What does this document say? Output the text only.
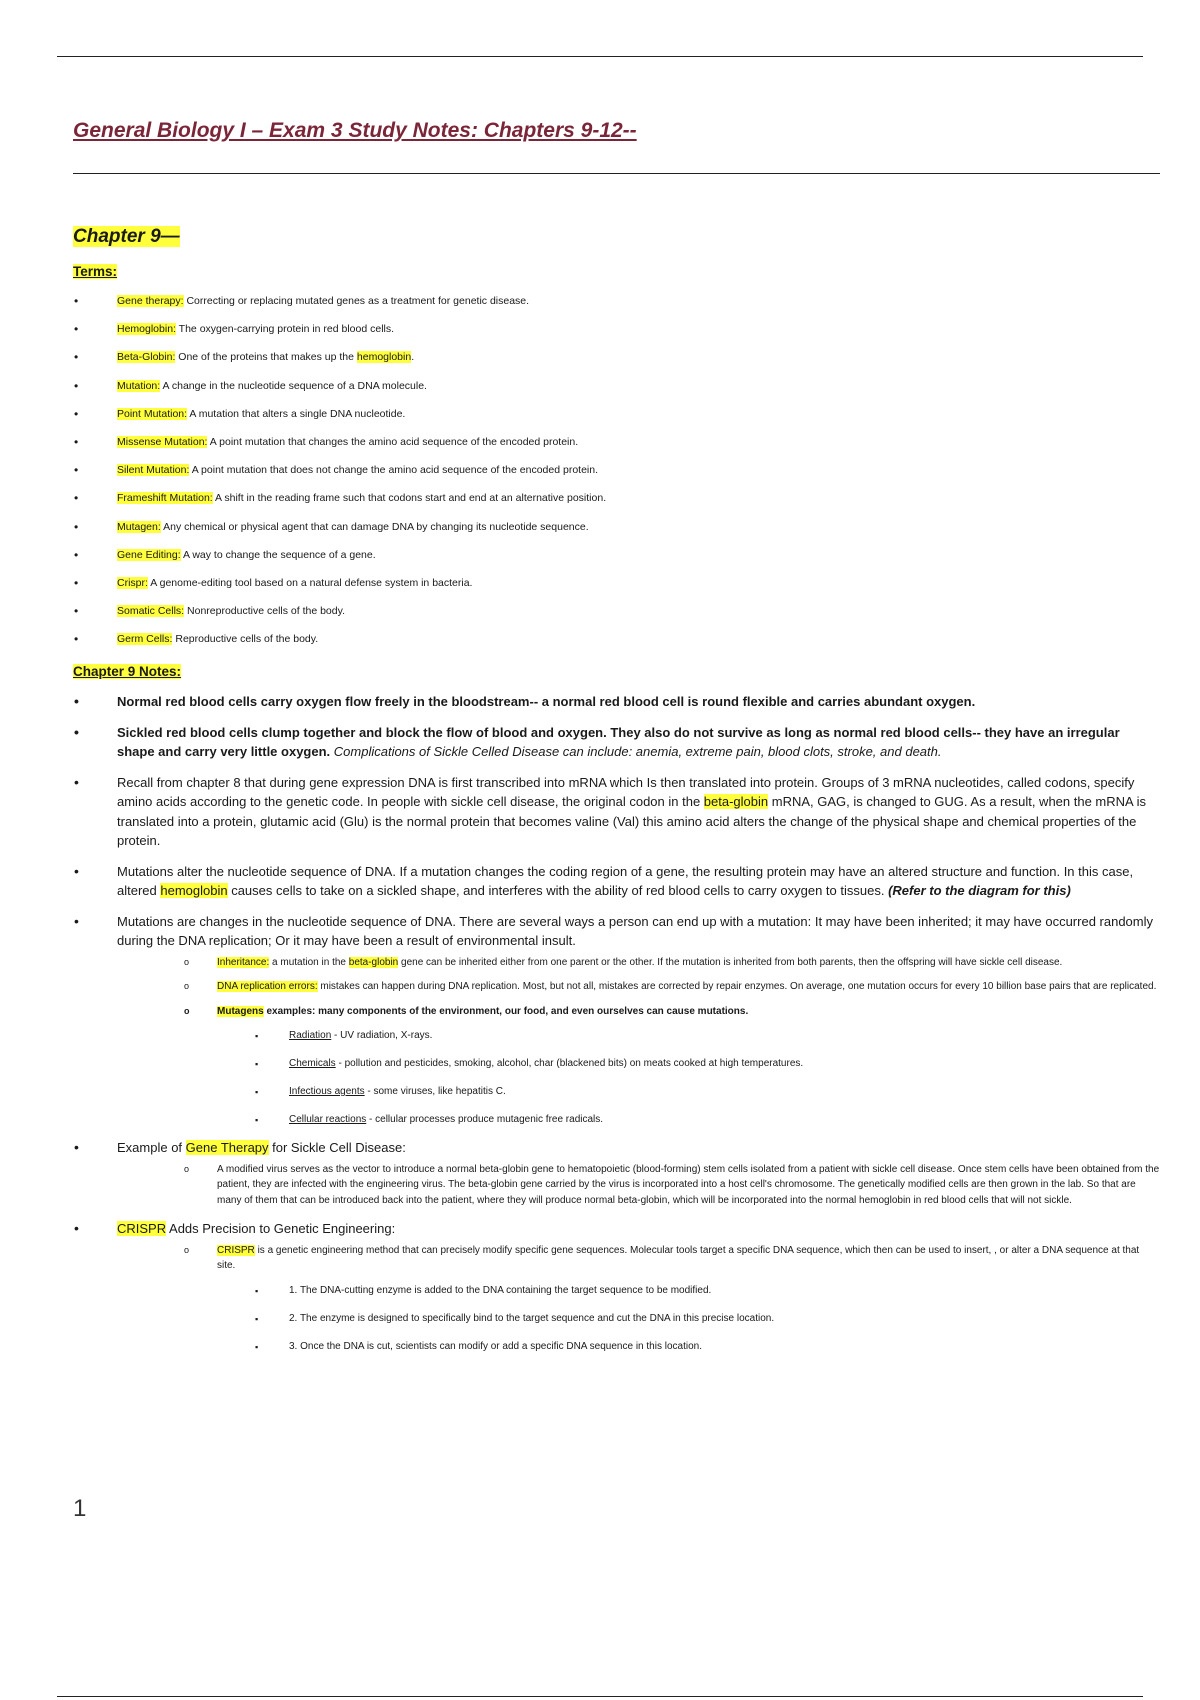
General Biology I – Exam 3 Study Notes: Chapters 9-12--
Chapter 9—

Terms:

• Gene therapy: Correcting or replacing mutated genes as a treatment for genetic disease.
• Hemoglobin: The oxygen-carrying protein in red blood cells.
• Beta-Globin: One of the proteins that makes up the hemoglobin.
• Mutation: A change in the nucleotide sequence of a DNA molecule.
• Point Mutation: A mutation that alters a single DNA nucleotide.
• Missense Mutation: A point mutation that changes the amino acid sequence of the encoded protein.
• Silent Mutation: A point mutation that does not change the amino acid sequence of the encoded protein.
• Frameshift Mutation: A shift in the reading frame such that codons start and end at an alternative position.
• Mutagen: Any chemical or physical agent that can damage DNA by changing its nucleotide sequence.
• Gene Editing: A way to change the sequence of a gene.
• Crispr: A genome-editing tool based on a natural defense system in bacteria.
• Somatic Cells: Nonreproductive cells of the body.
• Germ Cells: Reproductive cells of the body.

Chapter 9 Notes:

• Normal red blood cells carry oxygen flow freely in the bloodstream-- a normal red blood cell is round flexible and carries abundant oxygen.
• Sickled red blood cells clump together and block the flow of blood and oxygen. They also do not survive as long as normal red blood cells-- they have an irregular shape and carry very little oxygen. Complications of Sickle Celled Disease can include: anemia, extreme pain, blood clots, stroke, and death.
• Recall from chapter 8 that during gene expression DNA is first transcribed into mRNA which Is then translated into protein. Groups of 3 mRNA nucleotides, called codons, specify amino acids according to the genetic code. In people with sickle cell disease, the original codon in the beta-globin mRNA, GAG, is changed to GUG. As a result, when the mRNA is translated into a protein, glutamic acid (Glu) is the normal protein that becomes valine (Val) this amino acid alters the change of the physical shape and chemical properties of the protein.
• Mutations alter the nucleotide sequence of DNA. If a mutation changes the coding region of a gene, the resulting protein may have an altered structure and function. In this case, altered hemoglobin causes cells to take on a sickled shape, and interferes with the ability of red blood cells to carry oxygen to tissues. (Refer to the diagram for this)
• Mutations are changes in the nucleotide sequence of DNA. There are several ways a person can end up with a mutation: It may have been inherited; it may have occurred randomly during the DNA replication; Or it may have been a result of environmental insult.
o Inheritance: a mutation in the beta-globin gene can be inherited either from one parent or the other. If the mutation is inherited from both parents, then the offspring will have sickle cell disease.
o DNA replication errors: mistakes can happen during DNA replication. Most, but not all, mistakes are corrected by repair enzymes. On average, one mutation occurs for every 10 billion base pairs that are replicated.
o Mutagens examples: many components of the environment, our food, and even ourselves can cause mutations.
▪ Radiation - UV radiation, X-rays.
▪ Chemicals - pollution and pesticides, smoking, alcohol, char (blackened bits) on meats cooked at high temperatures.
▪ Infectious agents - some viruses, like hepatitis C.
▪ Cellular reactions - cellular processes produce mutagenic free radicals.
• Example of Gene Therapy for Sickle Cell Disease:
o A modified virus serves as the vector to introduce a normal beta-globin gene to hematopoietic (blood-forming) stem cells isolated from a patient with sickle cell disease. Once stem cells have been obtained from the patient, they are infected with the engineering virus. The beta-globin gene carried by the virus is incorporated into a host cell's chromosome. The genetically modified cells are then grown in the lab. So that are many of them that can be introduced back into the patient, where they will produce normal beta-globin, which will be incorporated into the normal hemoglobin in red blood cells that will not sickle.
• CRISPR Adds Precision to Genetic Engineering:
o CRISPR is a genetic engineering method that can precisely modify specific gene sequences. Molecular tools target a specific DNA sequence, which then can be used to insert, , or alter a DNA sequence at that site.
▪ 1. The DNA-cutting enzyme is added to the DNA containing the target sequence to be modified.
▪ 2. The enzyme is designed to specifically bind to the target sequence and cut the DNA in this precise location.
▪ 3. Once the DNA is cut, scientists can modify or add a specific DNA sequence in this location.
1
